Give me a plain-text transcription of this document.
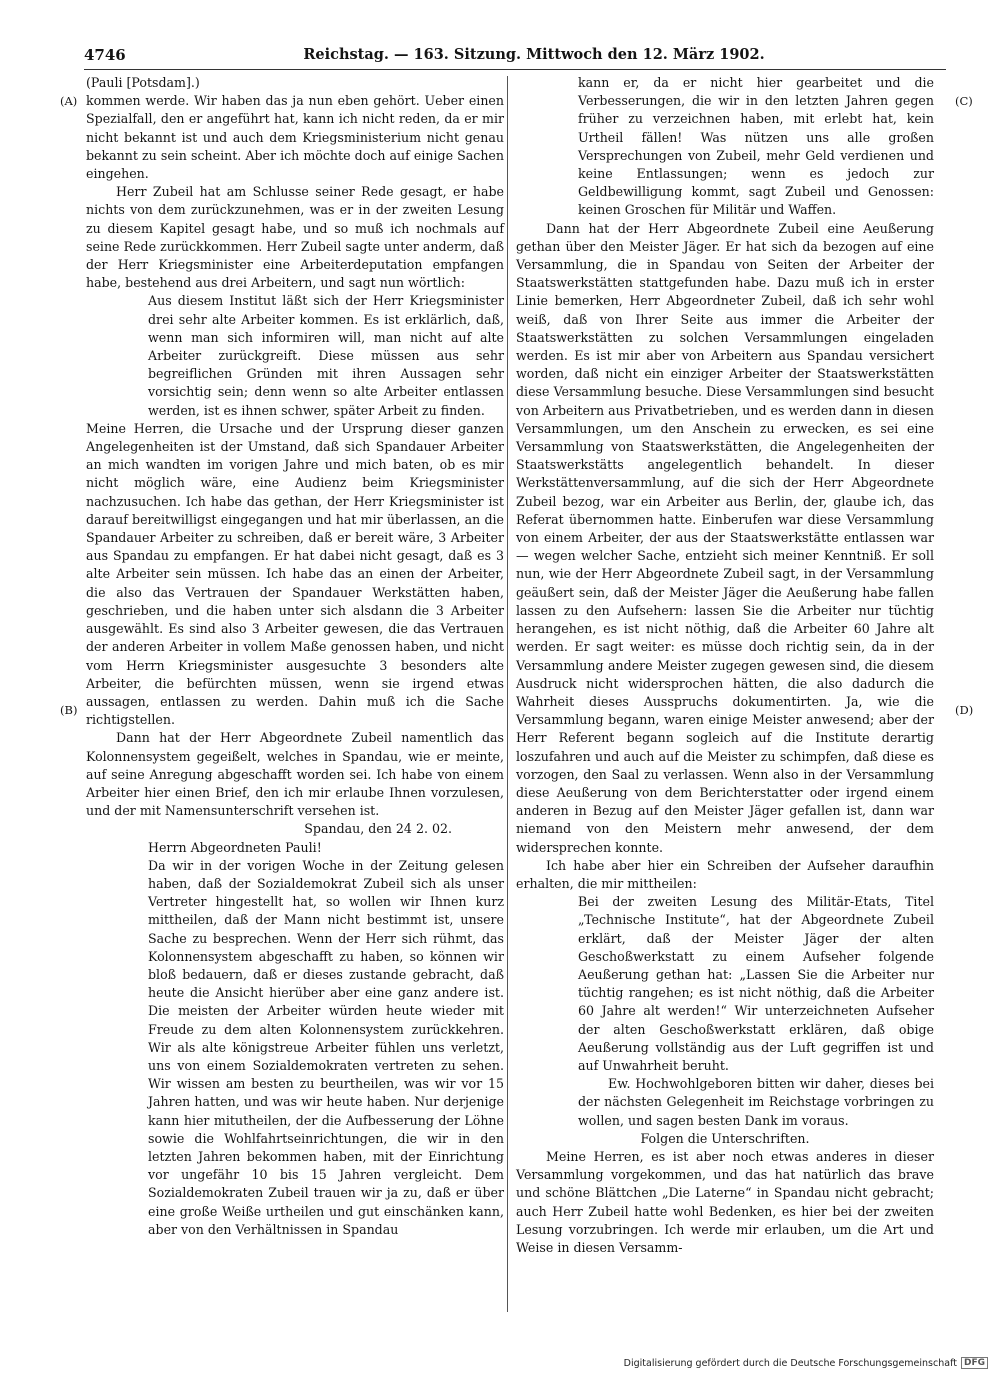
4746	Reichstag. — 163. Sitzung. Mittwoch den 12. März 1902.
(A)
(B)
(C)
(D)

(Pauli [Potsdam].)

kommen werde. Wir haben das ja nun eben gehört. Ueber einen Spezialfall, den er angeführt hat, kann ich nicht reden, da er mir nicht bekannt ist und auch dem Kriegsministerium nicht genau bekannt zu sein scheint. Aber ich möchte doch auf einige Sachen eingehen.

Herr Zubeil hat am Schlusse seiner Rede gesagt, er habe nichts von dem zurückzunehmen, was er in der zweiten Lesung zu diesem Kapitel gesagt habe, und so muß ich nochmals auf seine Rede zurückkommen. Herr Zubeil sagte unter anderm, daß der Herr Kriegsminister eine Arbeiterdeputation empfangen habe, bestehend aus drei Arbeitern, und sagt nun wörtlich:

Aus diesem Institut läßt sich der Herr Kriegsminister drei sehr alte Arbeiter kommen. Es ist erklärlich, daß, wenn man sich informiren will, man nicht auf alte Arbeiter zurückgreift. Diese müssen aus sehr begreiflichen Gründen mit ihren Aussagen sehr vorsichtig sein; denn wenn so alte Arbeiter entlassen werden, ist es ihnen schwer, später Arbeit zu finden.

Meine Herren, die Ursache und der Ursprung dieser ganzen Angelegenheiten ist der Umstand, daß sich Spandauer Arbeiter an mich wandten im vorigen Jahre und mich baten, ob es mir nicht möglich wäre, eine Audienz beim Kriegsminister nachzusuchen. Ich habe das gethan, der Herr Kriegsminister ist darauf bereitwilligst eingegangen und hat mir überlassen, an die Spandauer Arbeiter zu schreiben, daß er bereit wäre, 3 Arbeiter aus Spandau zu empfangen. Er hat dabei nicht gesagt, daß es 3 alte Arbeiter sein müssen. Ich habe das an einen der Arbeiter, die also das Vertrauen der Spandauer Werkstätten haben, geschrieben, und die haben unter sich alsdann die 3 Arbeiter ausgewählt. Es sind also 3 Arbeiter gewesen, die das Vertrauen der anderen Arbeiter in vollem Maße genossen haben, und nicht vom Herrn Kriegsminister ausgesuchte 3 besonders alte Arbeiter, die befürchten müssen, wenn sie irgend etwas aussagen, entlassen zu werden. Dahin muß ich die Sache richtigstellen.

Dann hat der Herr Abgeordnete Zubeil namentlich das Kolonnensystem gegeißelt, welches in Spandau, wie er meinte, auf seine Anregung abgeschafft worden sei. Ich habe von einem Arbeiter hier einen Brief, den ich mir erlaube Ihnen vorzulesen, und der mit Namensunterschrift versehen ist.

Spandau, den 24 2. 02.

Herrn Abgeordneten Pauli!

Da wir in der vorigen Woche in der Zeitung gelesen haben, daß der Sozialdemokrat Zubeil sich als unser Vertreter hingestellt hat, so wollen wir Ihnen kurz mittheilen, daß der Mann nicht bestimmt ist, unsere Sache zu besprechen. Wenn der Herr sich rühmt, das Kolonnensystem abgeschafft zu haben, so können wir bloß bedauern, daß er dieses zustande gebracht, daß heute die Ansicht hierüber aber eine ganz andere ist. Die meisten der Arbeiter würden heute wieder mit Freude zu dem alten Kolonnensystem zurückkehren. Wir als alte königstreue Arbeiter fühlen uns verletzt, uns von einem Sozialdemokraten vertreten zu sehen. Wir wissen am besten zu beurtheilen, was wir vor 15 Jahren hatten, und was wir heute haben. Nur derjenige kann hier mitutheilen, der die Aufbesserung der Löhne sowie die Wohlfahrtseinrichtungen, die wir in den letzten Jahren bekommen haben, mit der Einrichtung vor ungefähr 10 bis 15 Jahren vergleicht. Dem Sozialdemokraten Zubeil trauen wir ja zu, daß er über eine große Weiße urtheilen und gut einschänken kann, aber von den Verhältnissen in Spandau

kann er, da er nicht hier gearbeitet und die Verbesserungen, die wir in den letzten Jahren gegen früher zu verzeichnen haben, mit erlebt hat, kein Urtheil fällen! Was nützen uns alle großen Versprechungen von Zubeil, mehr Geld verdienen und keine Entlassungen; wenn es jedoch zur Geldbewilligung kommt, sagt Zubeil und Genossen: keinen Groschen für Militär und Waffen.

Dann hat der Herr Abgeordnete Zubeil eine Aeußerung gethan über den Meister Jäger. Er hat sich da bezogen auf eine Versammlung, die in Spandau von Seiten der Arbeiter der Staatswerkstätten stattgefunden habe. Dazu muß ich in erster Linie bemerken, Herr Abgeordneter Zubeil, daß ich sehr wohl weiß, daß von Ihrer Seite aus immer die Arbeiter der Staatswerkstätten zu solchen Versammlungen eingeladen werden. Es ist mir aber von Arbeitern aus Spandau versichert worden, daß nicht ein einziger Arbeiter der Staatswerkstätten diese Versammlung besuche. Diese Versammlungen sind besucht von Arbeitern aus Privatbetrieben, und es werden dann in diesen Versammlungen, um den Anschein zu erwecken, es sei eine Versammlung von Staatswerkstätten, die Angelegenheiten der Staatswerkstätts angelegentlich behandelt. In dieser Werkstättenversammlung, auf die sich der Herr Abgeordnete Zubeil bezog, war ein Arbeiter aus Berlin, der, glaube ich, das Referat übernommen hatte. Einberufen war diese Versammlung von einem Arbeiter, der aus der Staatswerkstätte entlassen war — wegen welcher Sache, entzieht sich meiner Kenntniß. Er soll nun, wie der Herr Abgeordnete Zubeil sagt, in der Versammlung geäußert sein, daß der Meister Jäger die Aeußerung habe fallen lassen zu den Aufsehern: lassen Sie die Arbeiter nur tüchtig herangehen, es ist nicht nöthig, daß die Arbeiter 60 Jahre alt werden. Er sagt weiter: es müsse doch richtig sein, da in der Versammlung andere Meister zugegen gewesen sind, die diesem Ausdruck nicht widersprochen hätten, die also dadurch die Wahrheit dieses Ausspruchs dokumentirten. Ja, wie die Versammlung begann, waren einige Meister anwesend; aber der Herr Referent begann sogleich auf die Institute derartig loszufahren und auch auf die Meister zu schimpfen, daß diese es vorzogen, den Saal zu verlassen. Wenn also in der Versammlung diese Aeußerung von dem Berichterstatter oder irgend einem anderen in Bezug auf den Meister Jäger gefallen ist, dann war niemand von den Meistern mehr anwesend, der dem widersprechen konnte.

Ich habe aber hier ein Schreiben der Aufseher daraufhin erhalten, die mir mittheilen:

Bei der zweiten Lesung des Militär-Etats, Titel „Technische Institute“, hat der Abgeordnete Zubeil erklärt, daß der Meister Jäger der alten Geschoßwerkstatt zu einem Aufseher folgende Aeußerung gethan hat: „Lassen Sie die Arbeiter nur tüchtig rangehen; es ist nicht nöthig, daß die Arbeiter 60 Jahre alt werden!“ Wir unterzeichneten Aufseher der alten Geschoßwerkstatt erklären, daß obige Aeußerung vollständig aus der Luft gegriffen ist und auf Unwahrheit beruht.

Ew. Hochwohlgeboren bitten wir daher, dieses bei der nächsten Gelegenheit im Reichstage vorbringen zu wollen, und sagen besten Dank im voraus.

Folgen die Unterschriften.

Meine Herren, es ist aber noch etwas anderes in dieser Versammlung vorgekommen, und das hat natürlich das brave und schöne Blättchen „Die Laterne“ in Spandau nicht gebracht; auch Herr Zubeil hatte wohl Bedenken, es hier bei der zweiten Lesung vorzubringen. Ich werde mir erlauben, um die Art und Weise in diesen Versamm-

Digitalisierung gefördert durch die Deutsche Forschungsgemeinschaft DFG
